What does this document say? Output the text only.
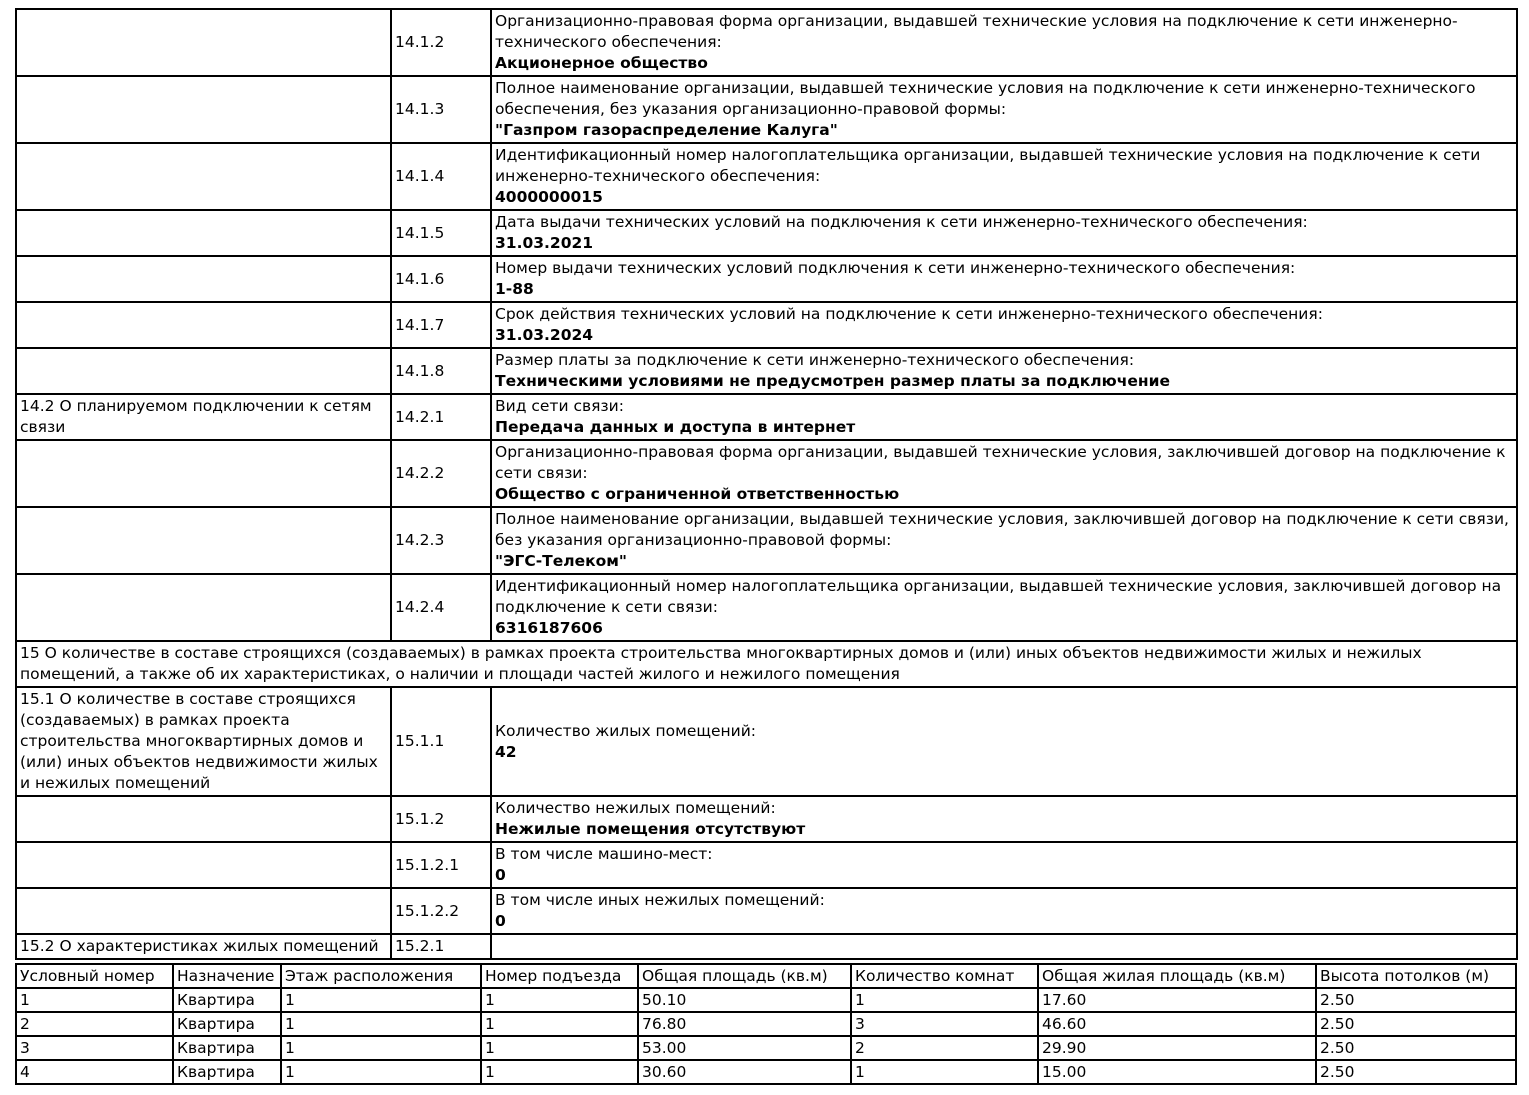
	14.1.2	Организационно-правовая форма организации, выдавшей технические условия на подключение к сети инженерно-технического обеспечения:
Акционерное общество

	14.1.3	Полное наименование организации, выдавшей технические условия на подключение к сети инженерно-технического обеспечения, без указания организационно-правовой формы:
"Газпром газораспределение Калуга"

	14.1.4	Идентификационный номер налогоплательщика организации, выдавшей технические условия на подключение к сети инженерно-технического обеспечения:
4000000015

	14.1.5	Дата выдачи технических условий на подключения к сети инженерно-технического обеспечения:
31.03.2021

	14.1.6	Номер выдачи технических условий подключения к сети инженерно-технического обеспечения:
1-88

	14.1.7	Срок действия технических условий на подключение к сети инженерно-технического обеспечения:
31.03.2024

	14.1.8	Размер платы за подключение к сети инженерно-технического обеспечения:
Техническими условиями не предусмотрен размер платы за подключение

14.2 О планируемом подключении к сетям связи	14.2.1	Вид сети связи:
Передача данных и доступа в интернет

	14.2.2	Организационно-правовая форма организации, выдавшей технические условия, заключившей договор на подключение к сети связи:
Общество с ограниченной ответственностью

	14.2.3	Полное наименование организации, выдавшей технические условия, заключившей договор на подключение к сети связи, без указания организационно-правовой формы:
"ЭГС-Телеком"

	14.2.4	Идентификационный номер налогоплательщика организации, выдавшей технические условия, заключившей договор на подключение к сети связи:
6316187606

15 О количестве в составе строящихся (создаваемых) в рамках проекта строительства многоквартирных домов и (или) иных объектов недвижимости жилых и нежилых помещений, а также об их характеристиках, о наличии и площади частей жилого и нежилого помещения		
15.1 О количестве в составе строящихся (создаваемых) в рамках проекта строительства многоквартирных домов и (или) иных объектов недвижимости жилых и нежилых помещений	15.1.1	Количество жилых помещений:
42

	15.1.2	Количество нежилых помещений:
Нежилые помещения отсутствуют

	15.1.2.1	В том числе машино-мест:
0

	15.1.2.2	В том числе иных нежилых помещений:
0

15.2 О характеристиках жилых помещений	15.2.1	
Условный номер	Назначение	Этаж расположения	Номер подъезда	Общая площадь (кв.м)	Количество комнат	Общая жилая площадь (кв.м)	Высота потолков (м)
1	Квартира	1	1	50.10	1	17.60	2.50
2	Квартира	1	1	76.80	3	46.60	2.50
3	Квартира	1	1	53.00	2	29.90	2.50
4	Квартира	1	1	30.60	1	15.00	2.50
